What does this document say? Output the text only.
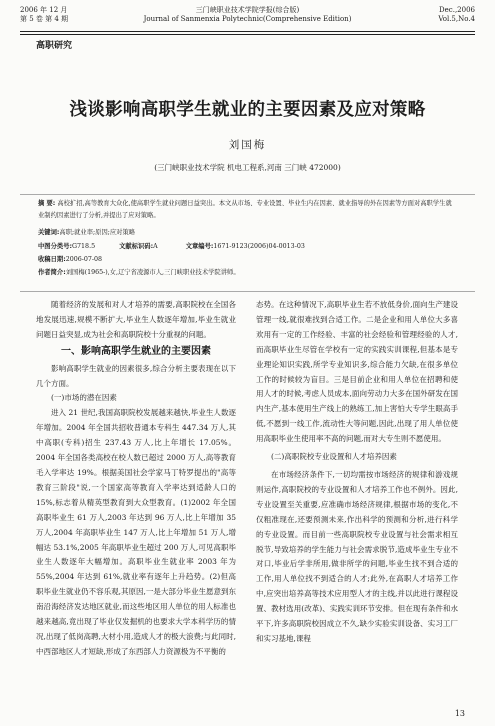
2006 年 12 月
第 5 卷 第 4 期
三门峡职业技术学院学报(综合版)
Journal of Sanmenxia Polytechnic(Comprehensive Edition)
Dec.,2006
Vol.5,No.4
高职研究
浅谈影响高职学生就业的主要因素及应对策略
刘国梅
(三门峡职业技术学院 机电工程系,河南 三门峡 472000)
摘 要: 高校扩招,高等教育大众化,使高职学生就业问题日益突出。本文从市场、专业设置、毕业生内在因素、就业指导的外在因素等方面对高职学生就业制约因素进行了分析,并提出了应对策略。
关键词:高职;就业率;原因;应对策略
中图分类号:G718.5	文献标识码:A	文章编号:1671-9123(2006)04-0013-03
收稿日期:2006-07-08
作者简介:刘国梅(1965-),女,辽宁省凌源市人,三门峡职业技术学院讲师。

随着经济的发展和对人才培养的需要,高职院校在全国各地发展迅速,规模不断扩大,毕业生人数逐年增加,毕业生就业问题日益突显,成为社会和高职院校十分重视的问题。

一、影响高职学生就业的主要因素

影响高职学生就业的因素很多,综合分析主要表现在以下几个方面。

(一)市场的潜在因素

进入 21 世纪,我国高职院校发展越来越快,毕业生人数逐年增加。2004 年全国共招收普通本专科生 447.34 万人,其中高职(专科)招生 237.43 万人,比上年增长 17.05%。2004 年全国各类高校在校人数已超过 2000 万人,高等教育毛入学率达 19%。根据美国社会学家马丁特罗提出的"高等教育三阶段"说,一个国家高等教育入学率达到适龄人口的 15%,标志着从精英型教育到大众型教育。(1)2002 年全国高职毕业生 61 万人,2003 年达到 96 万人,比上年增加 35 万人,2004 年高职毕业生 147 万人,比上年增加 51 万人,增幅达 53.1%,2005 年高职毕业生超过 200 万人,可见高职毕业生人数逐年大幅增加。高职毕业生就业率 2003 年为 55%,2004 年达到 61%,就业率有逐年上升趋势。(2)但高职毕业生就业仍不容乐观,其原因,一是大部分毕业生愿意到东南沿海经济发达地区就业,而这些地区用人单位的用人标准也越来越高,竟出现了毕业仅发掘机的也要求大学本科学历的情况,出现了低岗高聘,大材小用,造成人才的极大浪费;与此同时,中西部地区人才短缺,形成了东西部人力资源极为不平衡的

态势。在这种情况下,高职毕业生若不放低身价,面向生产建设管理一线,就很难找到合适工作。二是企业和用人单位大多喜欢用有一定的工作经验、丰富的社会经验和管理经验的人才,而高职毕业生尽管在学校有一定的实践实训课程,但基本是专业理论知识实践,所学专业知识多,综合能力欠缺,在很多单位工作的时候较为盲目。三是目前企业和用人单位在招聘和使用人才的时候,考虑人员成本,面向劳动力大多在国外研发在国内生产,基本使用生产线上的熟练工,加上害怕大专学生眼高手低,不愿到一线工作,流动性大等问题,因此,出现了用人单位使用高职毕业生使用率不高的问题,而对大专生则不愿使用。

(二)高职院校专业设置和人才培养因素

在市场经济条件下,一切均需按市场经济的规律和游戏规则运作,高职院校的专业设置和人才培养工作也不例外。因此,专业设置至关重要,应准确市场经济规律,根据市场的变化,不仅粗准现在,还要预测未来,作出科学的预测和分析,进行科学的专业设置。而目前一些高职院校专业设置与社会需求相互脱节,导致培养的学生能力与社会需求脱节,造成毕业生专业不对口,毕业后学非所用,做非所学的问题,毕业生找不到合适的工作,用人单位找不到适合的人才;此外,在高职人才培养工作中,应突出培养高等技术应用型人才的主线,并以此进行课程设置、教材选用(改革)、实践实训环节安排。但在现有条件和水平下,许多高职院校因成立不久,缺少实验实训设备、实习工厂和实习基地,课程

13
